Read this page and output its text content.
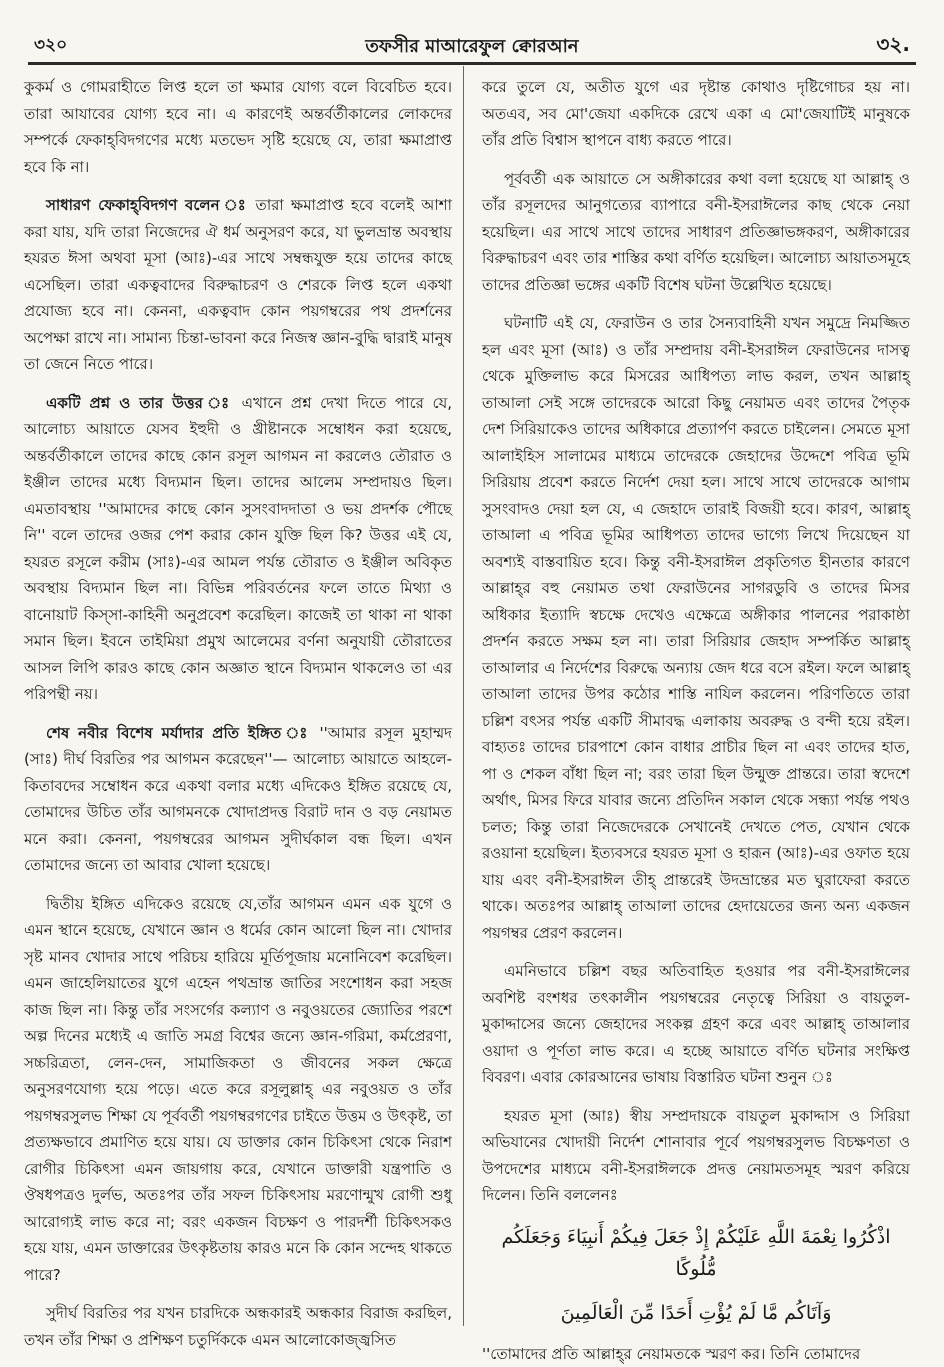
৩২০	তফসীর মাআরেফুল ক্বোরআন	৩২.

কুকর্ম ও গোমরাহীতে লিপ্ত হলে তা ক্ষমার যোগ্য বলে বিবেচিত হবে। তারা আযাবের যোগ্য হবে না। এ কারণেই অন্তর্বর্তীকালের লোকদের সম্পর্কে ফেকাহ্‌বিদগণের মধ্যে মতভেদ সৃষ্টি হয়েছে যে, তারা ক্ষমাপ্রাপ্ত হবে কি না।

সাধারণ ফেকাহ্‌বিদগণ বলেন ঃ তারা ক্ষমাপ্রাপ্ত হবে বলেই আশা করা যায়, যদি তারা নিজেদের ঐ ধর্ম অনুসরণ করে, যা ভুলভ্রান্ত অবস্থায় হযরত ঈসা অথবা মূসা (আঃ)-এর সাথে সম্বন্ধযুক্ত হয়ে তাদের কাছে এসেছিল। তারা একত্ববাদের বিরুদ্ধাচরণ ও শেরকে লিপ্ত হলে একথা প্রযোজ্য হবে না। কেননা, একত্ববাদ কোন পয়গম্বরের পথ প্রদর্শনের অপেক্ষা রাখে না। সামান্য চিন্তা-ভাবনা করে নিজস্ব জ্ঞান-বুদ্ধি দ্বারাই মানুষ তা জেনে নিতে পারে।

একটি প্রশ্ন ও তার উত্তর ঃ এখানে প্রশ্ন দেখা দিতে পারে যে, আলোচ্য আয়াতে যেসব ইহুদী ও খ্রীষ্টানকে সম্বোধন করা হয়েছে, অন্তর্বর্তীকালে তাদের কাছে কোন রসূল আগমন না করলেও তৌরাত ও ইঞ্জীল তাদের মধ্যে বিদ্যমান ছিল। তাদের আলেম সম্প্রদায়ও ছিল। এমতাবস্থায় ''আমাদের কাছে কোন সুসংবাদদাতা ও ভয় প্রদর্শক পৌছে নি'' বলে তাদের ওজর পেশ করার কোন যুক্তি ছিল কি? উত্তর এই যে, হযরত রসূলে করীম (সাঃ)-এর আমল পর্যন্ত তৌরাত ও ইঞ্জীল অবিকৃত অবস্থায় বিদ্যমান ছিল না। বিভিন্ন পরিবর্তনের ফলে তাতে মিথ্যা ও বানোয়াট কিস্সা-কাহিনী অনুপ্রবেশ করেছিল। কাজেই তা থাকা না থাকা সমান ছিল। ইবনে তাইমিয়া প্রমুখ আলেমের বর্ণনা অনুযায়ী তৌরাতের আসল লিপি কারও কাছে কোন অজ্ঞাত স্থানে বিদ্যমান থাকলেও তা এর পরিপন্থী নয়।

শেষ নবীর বিশেষ মর্যাদার প্রতি ইঙ্গিত ঃ ''আমার রসূল মুহাম্মদ (সাঃ) দীর্ঘ বিরতির পর আগমন করেছেন''— আলোচ্য আয়াতে আহলে-কিতাবদের সম্বোধন করে একথা বলার মধ্যে এদিকেও ইঙ্গিত রয়েছে যে, তোমাদের উচিত তাঁর আগমনকে খোদাপ্রদত্ত বিরাট দান ও বড় নেয়ামত মনে করা। কেননা, পয়গম্বরের আগমন সুদীর্ঘকাল বন্ধ ছিল। এখন তোমাদের জন্যে তা আবার খোলা হয়েছে।

দ্বিতীয় ইঙ্গিত এদিকেও রয়েছে যে,তাঁর আগমন এমন এক যুগে ও এমন স্থানে হয়েছে, যেখানে জ্ঞান ও ধর্মের কোন আলো ছিল না। খোদার সৃষ্ট মানব খোদার সাথে পরিচয় হারিয়ে মূর্তিপূজায় মনোনিবেশ করেছিল। এমন জাহেলিয়াতের যুগে এহেন পথভ্রান্ত জাতির সংশোধন করা সহজ কাজ ছিল না। কিন্তু তাঁর সংসর্গের কল্যাণ ও নবুওয়তের জ্যোতির পরশে অল্প দিনের মধ্যেই এ জাতি সমগ্র বিশ্বের জন্যে জ্ঞান-গরিমা, কর্মপ্রেরণা, সচ্চরিত্রতা, লেন-দেন, সামাজিকতা ও জীবনের সকল ক্ষেত্রে অনুসরণযোগ্য হয়ে পড়ে। এতে করে রসূলুল্লাহ্‌ এর নবুওয়ত ও তাঁর পয়গম্বরসুলভ শিক্ষা যে পূর্ববর্তী পয়গম্বরগণের চাইতে উত্তম ও উৎকৃষ্ট, তা প্রত্যক্ষভাবে প্রমাণিত হয়ে যায়। যে ডাক্তার কোন চিকিৎসা থেকে নিরাশ রোগীর চিকিৎসা এমন জায়গায় করে, যেখানে ডাক্তারী যন্ত্রপাতি ও ঔষধপত্রও দুর্লভ, অতঃপর তাঁর সফল চিকিৎসায় মরণোন্মুখ রোগী শুধু আরোগ্যই লাভ করে না; বরং একজন বিচক্ষণ ও পারদর্শী চিকিৎসকও হয়ে যায়, এমন ডাক্তারের উৎকৃষ্টতায় কারও মনে কি কোন সন্দেহ থাকতে পারে?

সুদীর্ঘ বিরতির পর যখন চারদিকে অন্ধকারই অন্ধকার বিরাজ করছিল, তখন তাঁর শিক্ষা ও প্রশিক্ষণ চতুর্দিককে এমন আলোকোজ্জ্বসিত

করে তুলে যে, অতীত যুগে এর দৃষ্টান্ত কোথাও দৃষ্টিগোচর হয় না। অতএব, সব মো'জেযা একদিকে রেখে একা এ মো'জেযাটিই মানুষকে তাঁর প্রতি বিশ্বাস স্থাপনে বাধ্য করতে পারে।

পূর্ববর্তী এক আয়াতে সে অঙ্গীকারের কথা বলা হয়েছে যা আল্লাহ্‌ ও তাঁর রসূলদের আনুগত্যের ব্যাপারে বনী-ইসরাঈলের কাছ থেকে নেয়া হয়েছিল। এর সাথে সাথে তাদের সাধারণ প্রতিজ্ঞাভঙ্গকরণ, অঙ্গীকারের বিরুদ্ধাচরণ এবং তার শাস্তির কথা বর্ণিত হয়েছিল। আলোচ্য আয়াতসমূহে তাদের প্রতিজ্ঞা ভঙ্গের একটি বিশেষ ঘটনা উল্লেখিত হয়েছে।

ঘটনাটি এই যে, ফেরাউন ও তার সৈন্যবাহিনী যখন সমুদ্রে নিমজ্জিত হল এবং মূসা (আঃ) ও তাঁর সম্প্রদায় বনী-ইসরাঈল ফেরাউনের দাসত্ব থেকে মুক্তিলাভ করে মিসরের আধিপত্য লাভ করল, তখন আল্লাহ্‌ তাআলা সেই সঙ্গে তাদেরকে আরো কিছু নেয়ামত এবং তাদের পৈতৃক দেশ সিরিয়াকেও তাদের অধিকারে প্রত্যার্পণ করতে চাইলেন। সেমতে মূসা আলাইহিস সালামের মাধ্যমে তাদেরকে জেহাদের উদ্দেশে পবিত্র ভূমি সিরিয়ায় প্রবেশ করতে নির্দেশ দেয়া হল। সাথে সাথে তাদেরকে আগাম সুসংবাদও দেয়া হল যে, এ জেহাদে তারাই বিজয়ী হবে। কারণ, আল্লাহ্‌ তাআলা এ পবিত্র ভূমির আধিপত্য তাদের ভাগ্যে লিখে দিয়েছেন যা অবশ্যই বাস্তবায়িত হবে। কিন্তু বনী-ইসরাঈল প্রকৃতিগত হীনতার কারণে আল্লাহ্‌র বহু নেয়ামত তথা ফেরাউনের সাগরডুবি ও তাদের মিসর অধিকার ইত্যাদি স্বচক্ষে দেখেও এক্ষেত্রে অঙ্গীকার পালনের পরাকাষ্ঠা প্রদর্শন করতে সক্ষম হল না। তারা সিরিয়ার জেহাদ সম্পর্কিত আল্লাহ্‌ তাআলার এ নির্দেশের বিরুদ্ধে অন্যায় জেদ ধরে বসে রইল। ফলে আল্লাহ্‌ তাআলা তাদের উপর কঠোর শাস্তি নাযিল করলেন। পরিণতিতে তারা চল্লিশ বৎসর পর্যন্ত একটি সীমাবদ্ধ এলাকায় অবরুদ্ধ ও বন্দী হয়ে রইল। বাহ্যতঃ তাদের চারপাশে কোন বাধার প্রাচীর ছিল না এবং তাদের হাত, পা ও শেকল বাঁধা ছিল না; বরং তারা ছিল উন্মুক্ত প্রান্তরে। তারা স্বদেশে অর্থাৎ, মিসর ফিরে যাবার জন্যে প্রতিদিন সকাল থেকে সন্ধ্যা পর্যন্ত পথও চলত; কিন্তু তারা নিজেদেরকে সেখানেই দেখতে পেত, যেখান থেকে রওয়ানা হয়েছিল। ইত্যবসরে হযরত মূসা ও হারূন (আঃ)-এর ওফাত হয়ে যায় এবং বনী-ইসরাঈল তীহ্‌ প্রান্তরেই উদভ্রান্তের মত ঘুরাফেরা করতে থাকে। অতঃপর আল্লাহ্‌ তাআলা তাদের হেদায়েতের জন্য অন্য একজন পয়গম্বর প্রেরণ করলেন।

এমনিভাবে চল্লিশ বছর অতিবাহিত হওয়ার পর বনী-ইসরাঈলের অবশিষ্ট বংশধর তৎকালীন পয়গম্বরের নেতৃত্বে সিরিয়া ও বায়তুল-মুকাদ্দাসের জন্যে জেহাদের সংকল্প গ্রহণ করে এবং আল্লাহ্‌ তাআলার ওয়াদা ও পূর্ণতা লাভ করে। এ হচ্ছে আয়াতে বর্ণিত ঘটনার সংক্ষিপ্ত বিবরণ। এবার কোরআনের ভাষায় বিস্তারিত ঘটনা শুনুন ঃ

হযরত মূসা (আঃ) স্বীয় সম্প্রদায়কে বায়তুল মুকাদ্দাস ও সিরিয়া অভিযানের খোদায়ী নির্দেশ শোনাবার পূর্বে পয়গম্বরসুলভ বিচক্ষণতা ও উপদেশের মাধ্যমে বনী-ইসরাঈলকে প্রদত্ত নেয়ামতসমূহ স্মরণ করিয়ে দিলেন। তিনি বললেনঃ

اذْكُرُوا نِعْمَةَ اللَّهِ عَلَيْكُمْ إِذْ جَعَلَ فِيكُمْ أَنبِيَاءَ وَجَعَلَكُم مُّلُوكًا

وَآتَاكُم مَّا لَمْ يُؤْتِ أَحَدًا مِّنَ الْعَالَمِينَ

''তোমাদের প্রতি আল্লাহ্‌র নেয়ামতকে স্মরণ কর। তিনি তোমাদের
